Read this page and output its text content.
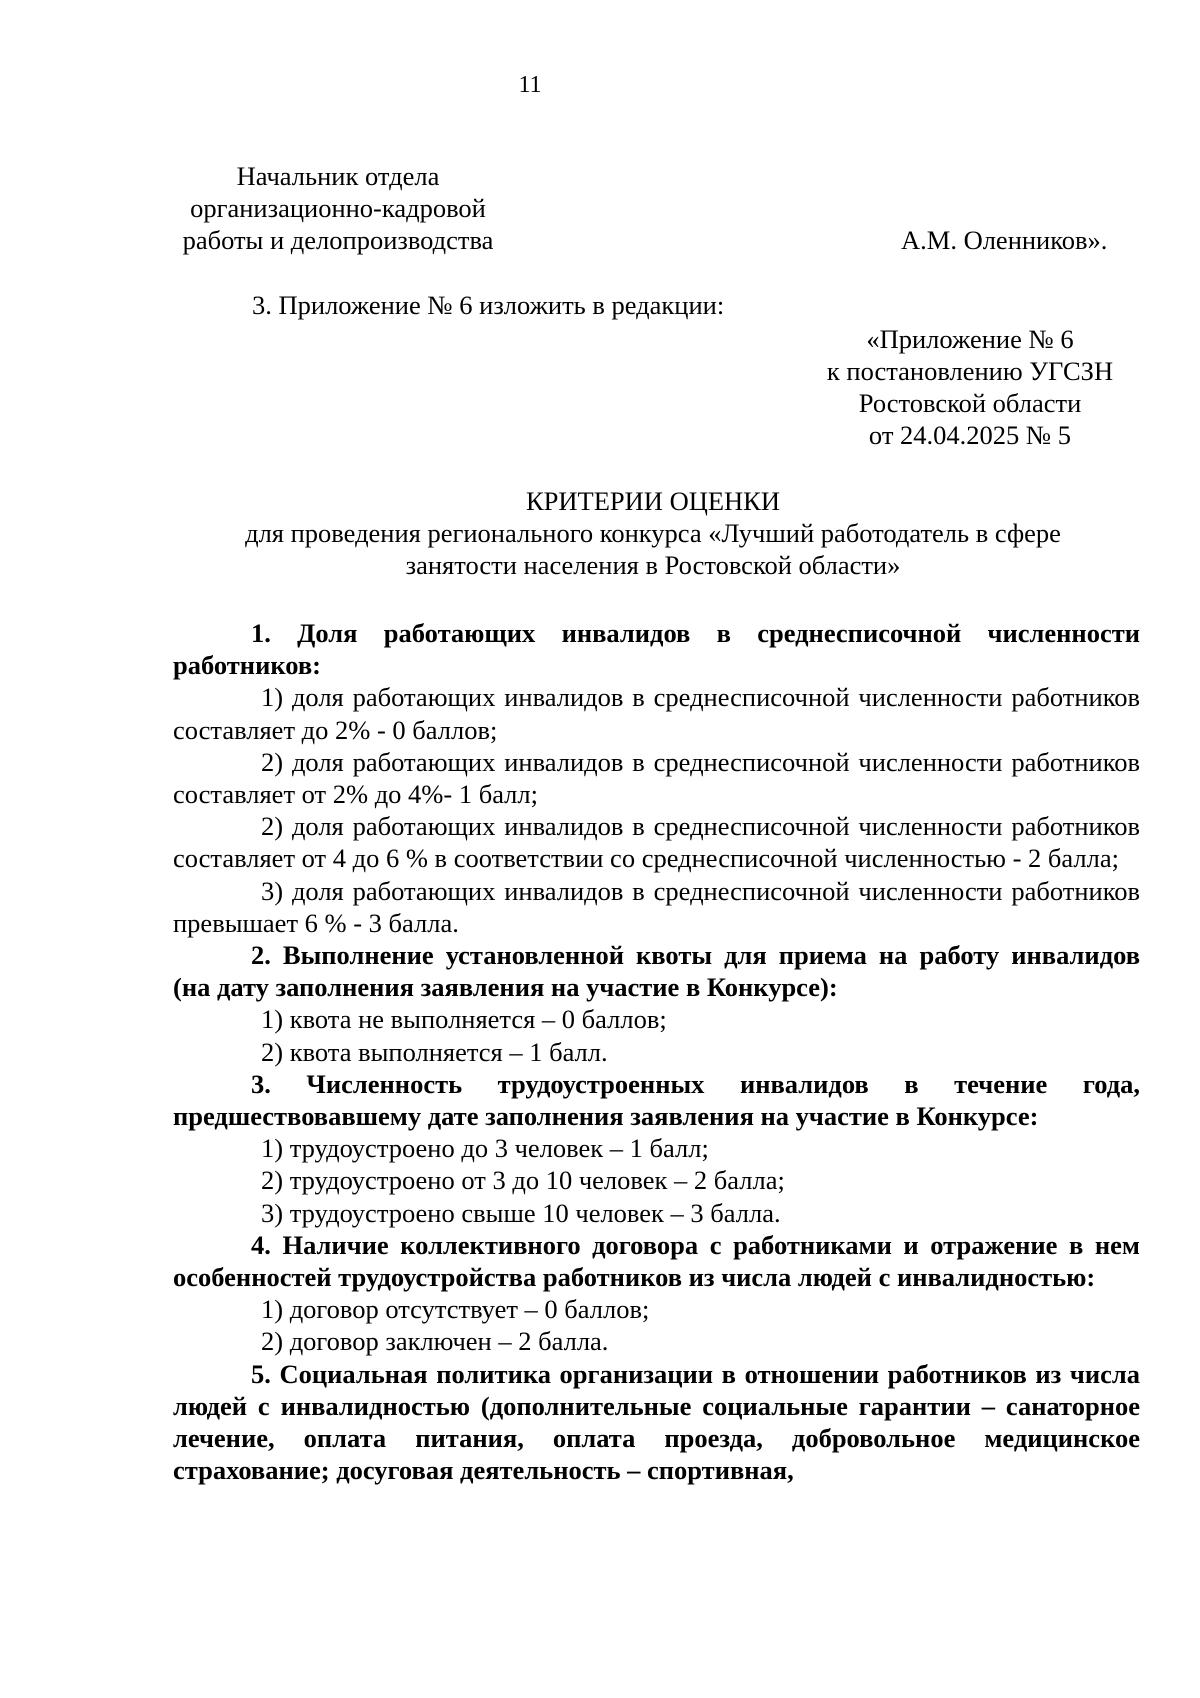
11
Начальник отдела
организационно-кадровой
работы и делопроизводства	А.М. Оленников».
3. Приложение № 6 изложить в редакции:
«Приложение № 6
к постановлению УГСЗН
Ростовской области
от 24.04.2025 № 5
КРИТЕРИИ ОЦЕНКИ
для проведения регионального конкурса «Лучший работодатель в сфере
занятости населения в Ростовской области»

1. Доля работающих инвалидов в среднесписочной численности работников:

1) доля работающих инвалидов в среднесписочной численности работников составляет до 2% - 0 баллов;

2) доля работающих инвалидов в среднесписочной численности работников составляет от 2% до 4%- 1 балл;

2) доля работающих инвалидов в среднесписочной численности работников составляет от 4 до 6 % в соответствии со среднесписочной численностью - 2 балла;

3) доля работающих инвалидов в среднесписочной численности работников превышает 6 % - 3 балла.

2. Выполнение установленной квоты для приема на работу инвалидов (на дату заполнения заявления на участие в Конкурсе):

1) квота не выполняется – 0 баллов;

2) квота выполняется – 1 балл.

3. Численность трудоустроенных инвалидов в течение года, предшествовавшему дате заполнения заявления на участие в Конкурсе:

1) трудоустроено до 3 человек – 1 балл;

2) трудоустроено от 3 до 10 человек – 2 балла;

3) трудоустроено свыше 10 человек – 3 балла.

4. Наличие коллективного договора с работниками и отражение в нем особенностей трудоустройства работников из числа людей с инвалидностью:

1) договор отсутствует – 0 баллов;

2) договор заключен – 2 балла.

5. Социальная политика организации в отношении работников из числа людей с инвалидностью (дополнительные социальные гарантии – санаторное лечение, оплата питания, оплата проезда, добровольное медицинское страхование; досуговая деятельность – спортивная,
